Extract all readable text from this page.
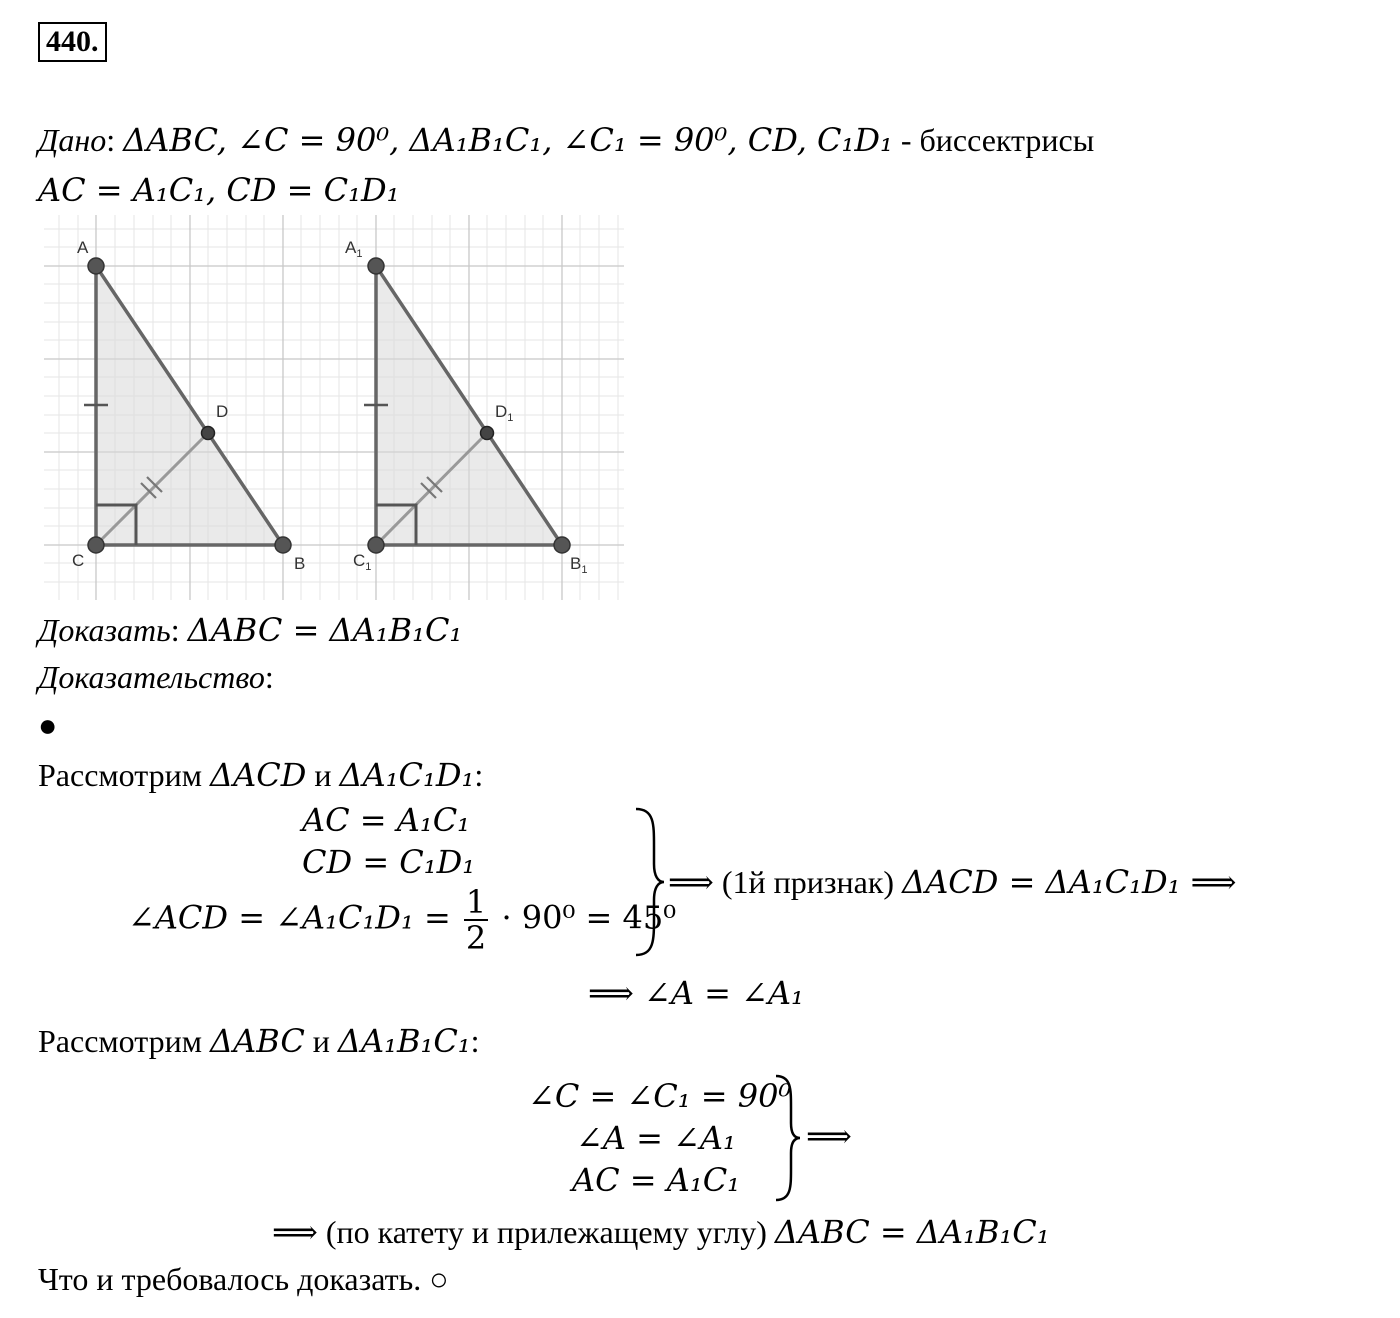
440.
Дано: ΔABC, ∠C = 90⁰, ΔA₁B₁C₁, ∠C₁ = 90⁰, CD, C₁D₁ - биссектрисы
AC = A₁C₁, CD = C₁D₁
A
D
C	B
$A_1$
$D_1$
$C_1$	$B_1$
Доказать: ΔABC = ΔA₁B₁C₁
Доказательство:
●
Рассмотрим ΔACD и ΔA₁C₁D₁:
AC = A₁C₁
CD = C₁D₁
∠ACD = ∠A₁C₁D₁ = $\frac{1}{2} \cdot 90^0 = 45^0$
⟹ (1й признак) ΔACD = ΔA₁C₁D₁ ⟹
⟹ ∠A = ∠A₁
Рассмотрим ΔABC и ΔA₁B₁C₁:
∠C = ∠C₁ = 90⁰
∠A = ∠A₁
AC = A₁C₁
⟹
⟹ (по катету и прилежащему углу) ΔABC = ΔA₁B₁C₁
Что и требовалось доказать. ○
